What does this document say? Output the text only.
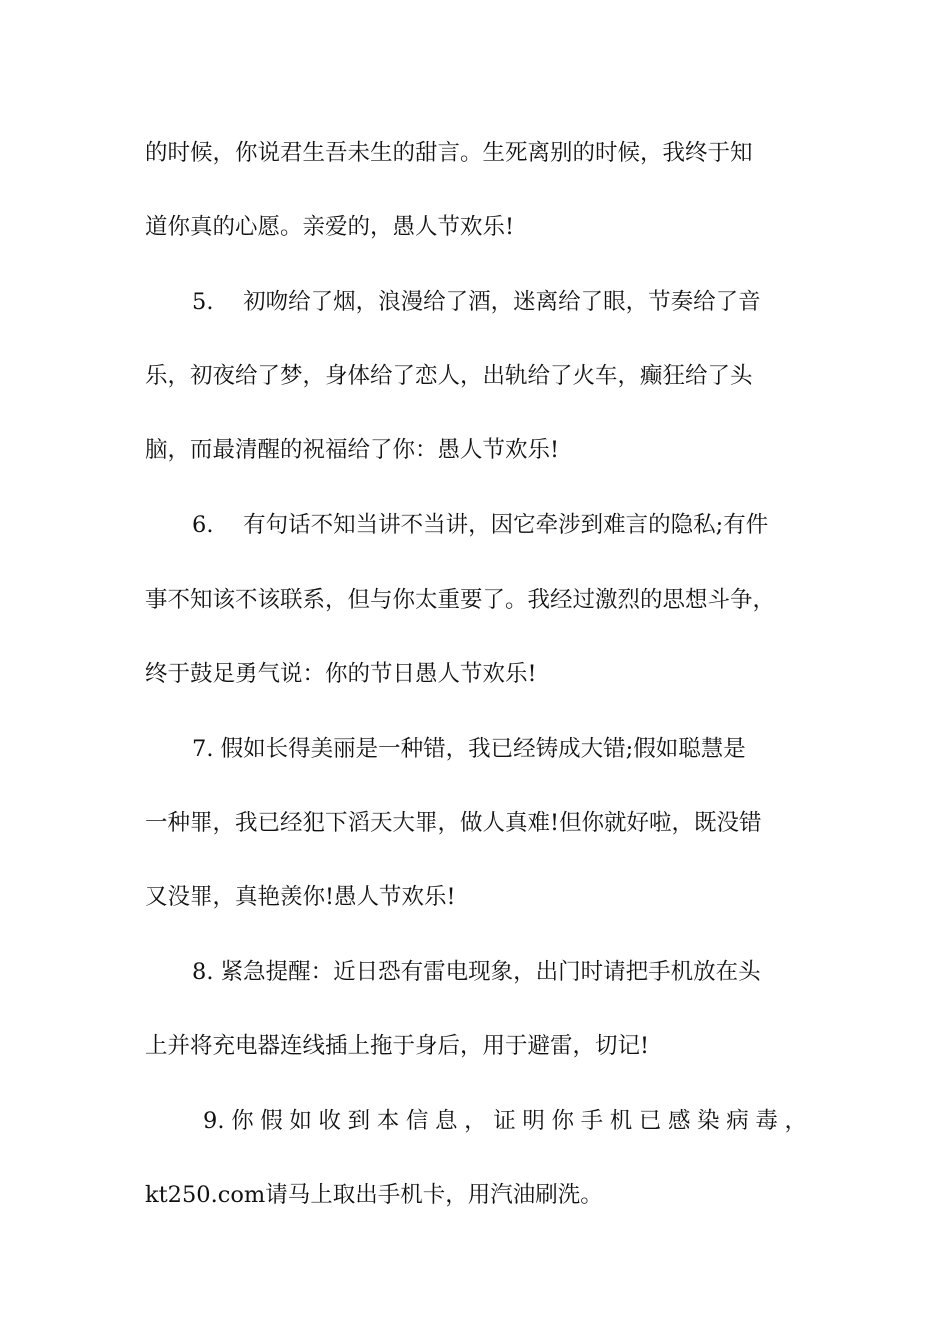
的时候，你说君生吾未生的甜言。生死离别的时候，我终于知
道你真的心愿。亲爱的，愚人节欢乐!
5.　 初吻给了烟，浪漫给了酒，迷离给了眼，节奏给了音
乐，初夜给了梦，身体给了恋人，出轨给了火车，癫狂给了头
脑，而最清醒的祝福给了你：愚人节欢乐!
6.　 有句话不知当讲不当讲，因它牵涉到难言的隐私;有件
事不知该不该联系，但与你太重要了。我经过激烈的思想斗争，
终于鼓足勇气说：你的节日愚人节欢乐!
7. 假如长得美丽是一种错，我已经铸成大错;假如聪慧是
一种罪，我已经犯下滔天大罪，做人真难!但你就好啦，既没错
又没罪，真艳羡你!愚人节欢乐!
8. 紧急提醒：近日恐有雷电现象，出门时请把手机放在头
上并将充电器连线插上拖于身后，用于避雷，切记!
9. 你 假 如 收 到 本 信 息 ， 证 明 你 手 机 已 感 染 病 毒 ，
kt250.com请马上取出手机卡，用汽油刷洗。
